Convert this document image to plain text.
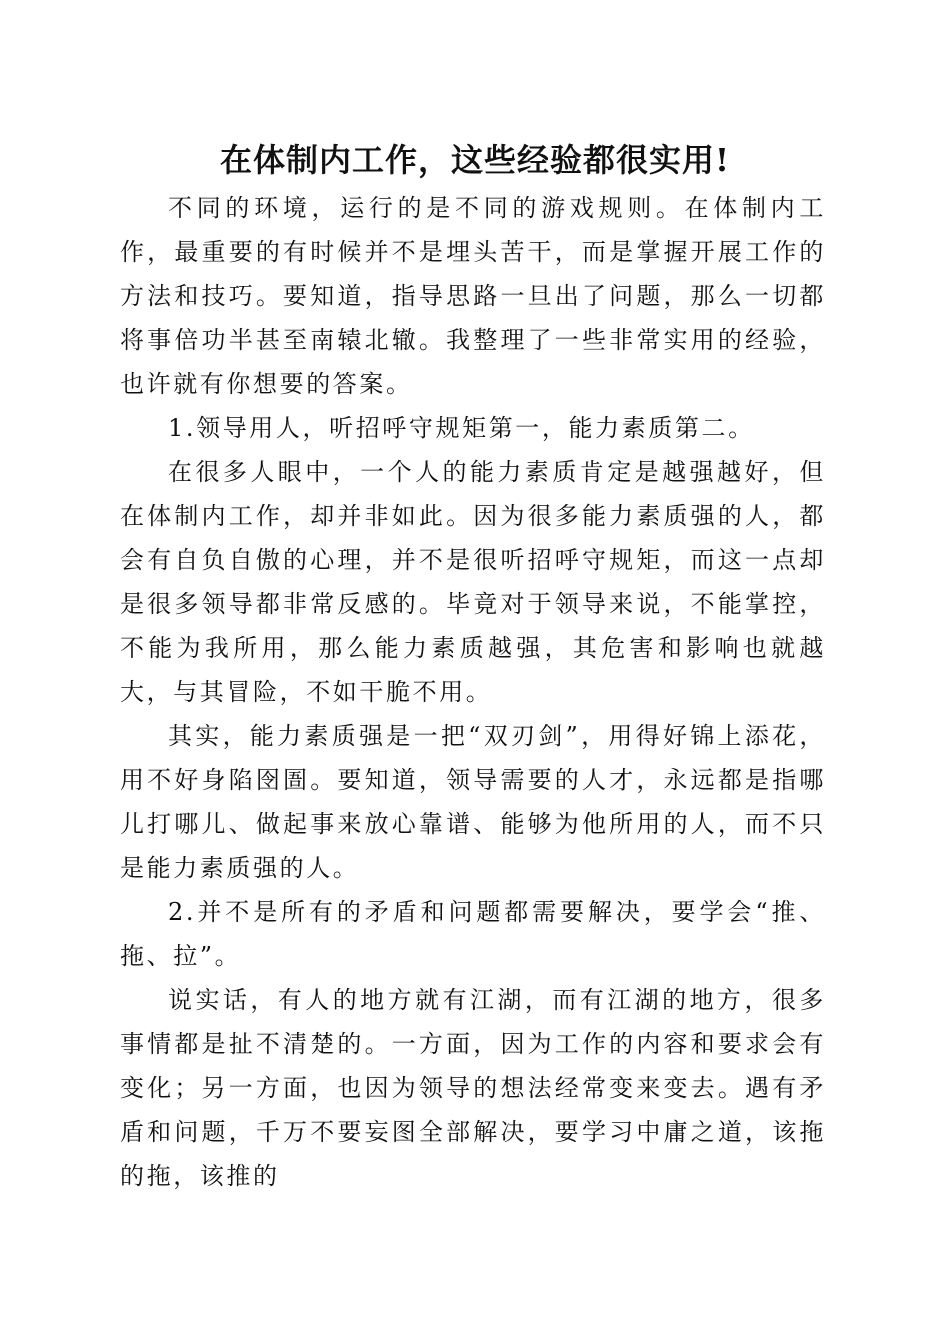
在体制内工作，这些经验都很实用!

不同的环境，运行的是不同的游戏规则。在体制内工作，最重要的有时候并不是埋头苦干，而是掌握开展工作的方法和技巧。要知道，指导思路一旦出了问题，那么一切都将事倍功半甚至南辕北辙。我整理了一些非常实用的经验，也许就有你想要的答案。

1.领导用人，听招呼守规矩第一，能力素质第二。

在很多人眼中，一个人的能力素质肯定是越强越好，但在体制内工作，却并非如此。因为很多能力素质强的人，都会有自负自傲的心理，并不是很听招呼守规矩，而这一点却是很多领导都非常反感的。毕竟对于领导来说，不能掌控，不能为我所用，那么能力素质越强，其危害和影响也就越大，与其冒险，不如干脆不用。

其实，能力素质强是一把“双刃剑”，用得好锦上添花，用不好身陷囹圄。要知道，领导需要的人才，永远都是指哪儿打哪儿、做起事来放心靠谱、能够为他所用的人，而不只是能力素质强的人。

2.并不是所有的矛盾和问题都需要解决，要学会“推、拖、拉”。

说实话，有人的地方就有江湖，而有江湖的地方，很多事情都是扯不清楚的。一方面，因为工作的内容和要求会有变化；另一方面，也因为领导的想法经常变来变去。遇有矛盾和问题，千万不要妄图全部解决，要学习中庸之道，该拖的拖，该推的
